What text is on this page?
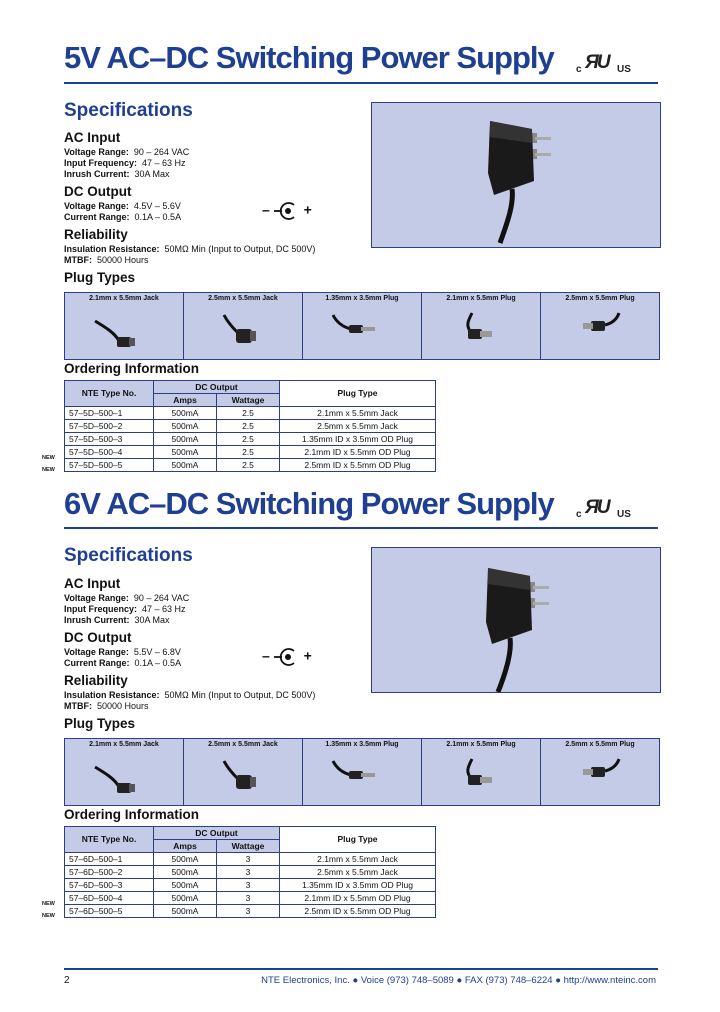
5V AC–DC Switching Power Supply c ЯU US
Specifications
AC Input
Voltage Range: 90 – 264 VAC
Input Frequency: 47 – 63 Hz
Inrush Current: 30A Max
DC Output
Voltage Range: 4.5V – 5.6V
Current Range: 0.1A – 0.5A	– +
Reliability
Insulation Resistance: 50MΩ Min (Input to Output, DC 500V)
MTBF: 50000 Hours
Plug Types
2.1mm x 5.5mm Jack	2.5mm x 5.5mm Jack	1.35mm x 3.5mm Plug	2.1mm x 5.5mm Plug	2.5mm x 5.5mm Plug
Ordering Information
NTE Type No.	DC Output		Plug Type
	Amps	Wattage	
57–5D–500–1	500mA	2.5	2.1mm x 5.5mm Jack
57–5D–500–2	500mA	2.5	2.5mm x 5.5mm Jack
57–5D–500–3	500mA	2.5	1.35mm ID x 3.5mm OD Plug
57–5D–500–4	500mA	2.5	2.1mm ID x 5.5mm OD Plug
57–5D–500–5	500mA	2.5	2.5mm ID x 5.5mm OD Plug
NEW
NEW
6V AC–DC Switching Power Supply c ЯU US
Specifications
AC Input
Voltage Range: 90 – 264 VAC
Input Frequency: 47 – 63 Hz
Inrush Current: 30A Max
DC Output
Voltage Range: 5.5V – 6.8V
Current Range: 0.1A – 0.5A	– +
Reliability
Insulation Resistance: 50MΩ Min (Input to Output, DC 500V)
MTBF: 50000 Hours
Plug Types
2.1mm x 5.5mm Jack	2.5mm x 5.5mm Jack	1.35mm x 3.5mm Plug	2.1mm x 5.5mm Plug	2.5mm x 5.5mm Plug
Ordering Information
NTE Type No.	DC Output		Plug Type
	Amps	Wattage	
57–6D–500–1	500mA	3	2.1mm x 5.5mm Jack
57–6D–500–2	500mA	3	2.5mm x 5.5mm Jack
57–6D–500–3	500mA	3	1.35mm ID x 3.5mm OD Plug
57–6D–500–4	500mA	3	2.1mm ID x 5.5mm OD Plug
57–6D–500–5	500mA	3	2.5mm ID x 5.5mm OD Plug
NEW
NEW
2	NTE Electronics, Inc. ● Voice (973) 748–5089 ● FAX (973) 748–6224 ● http://www.nteinc.com
